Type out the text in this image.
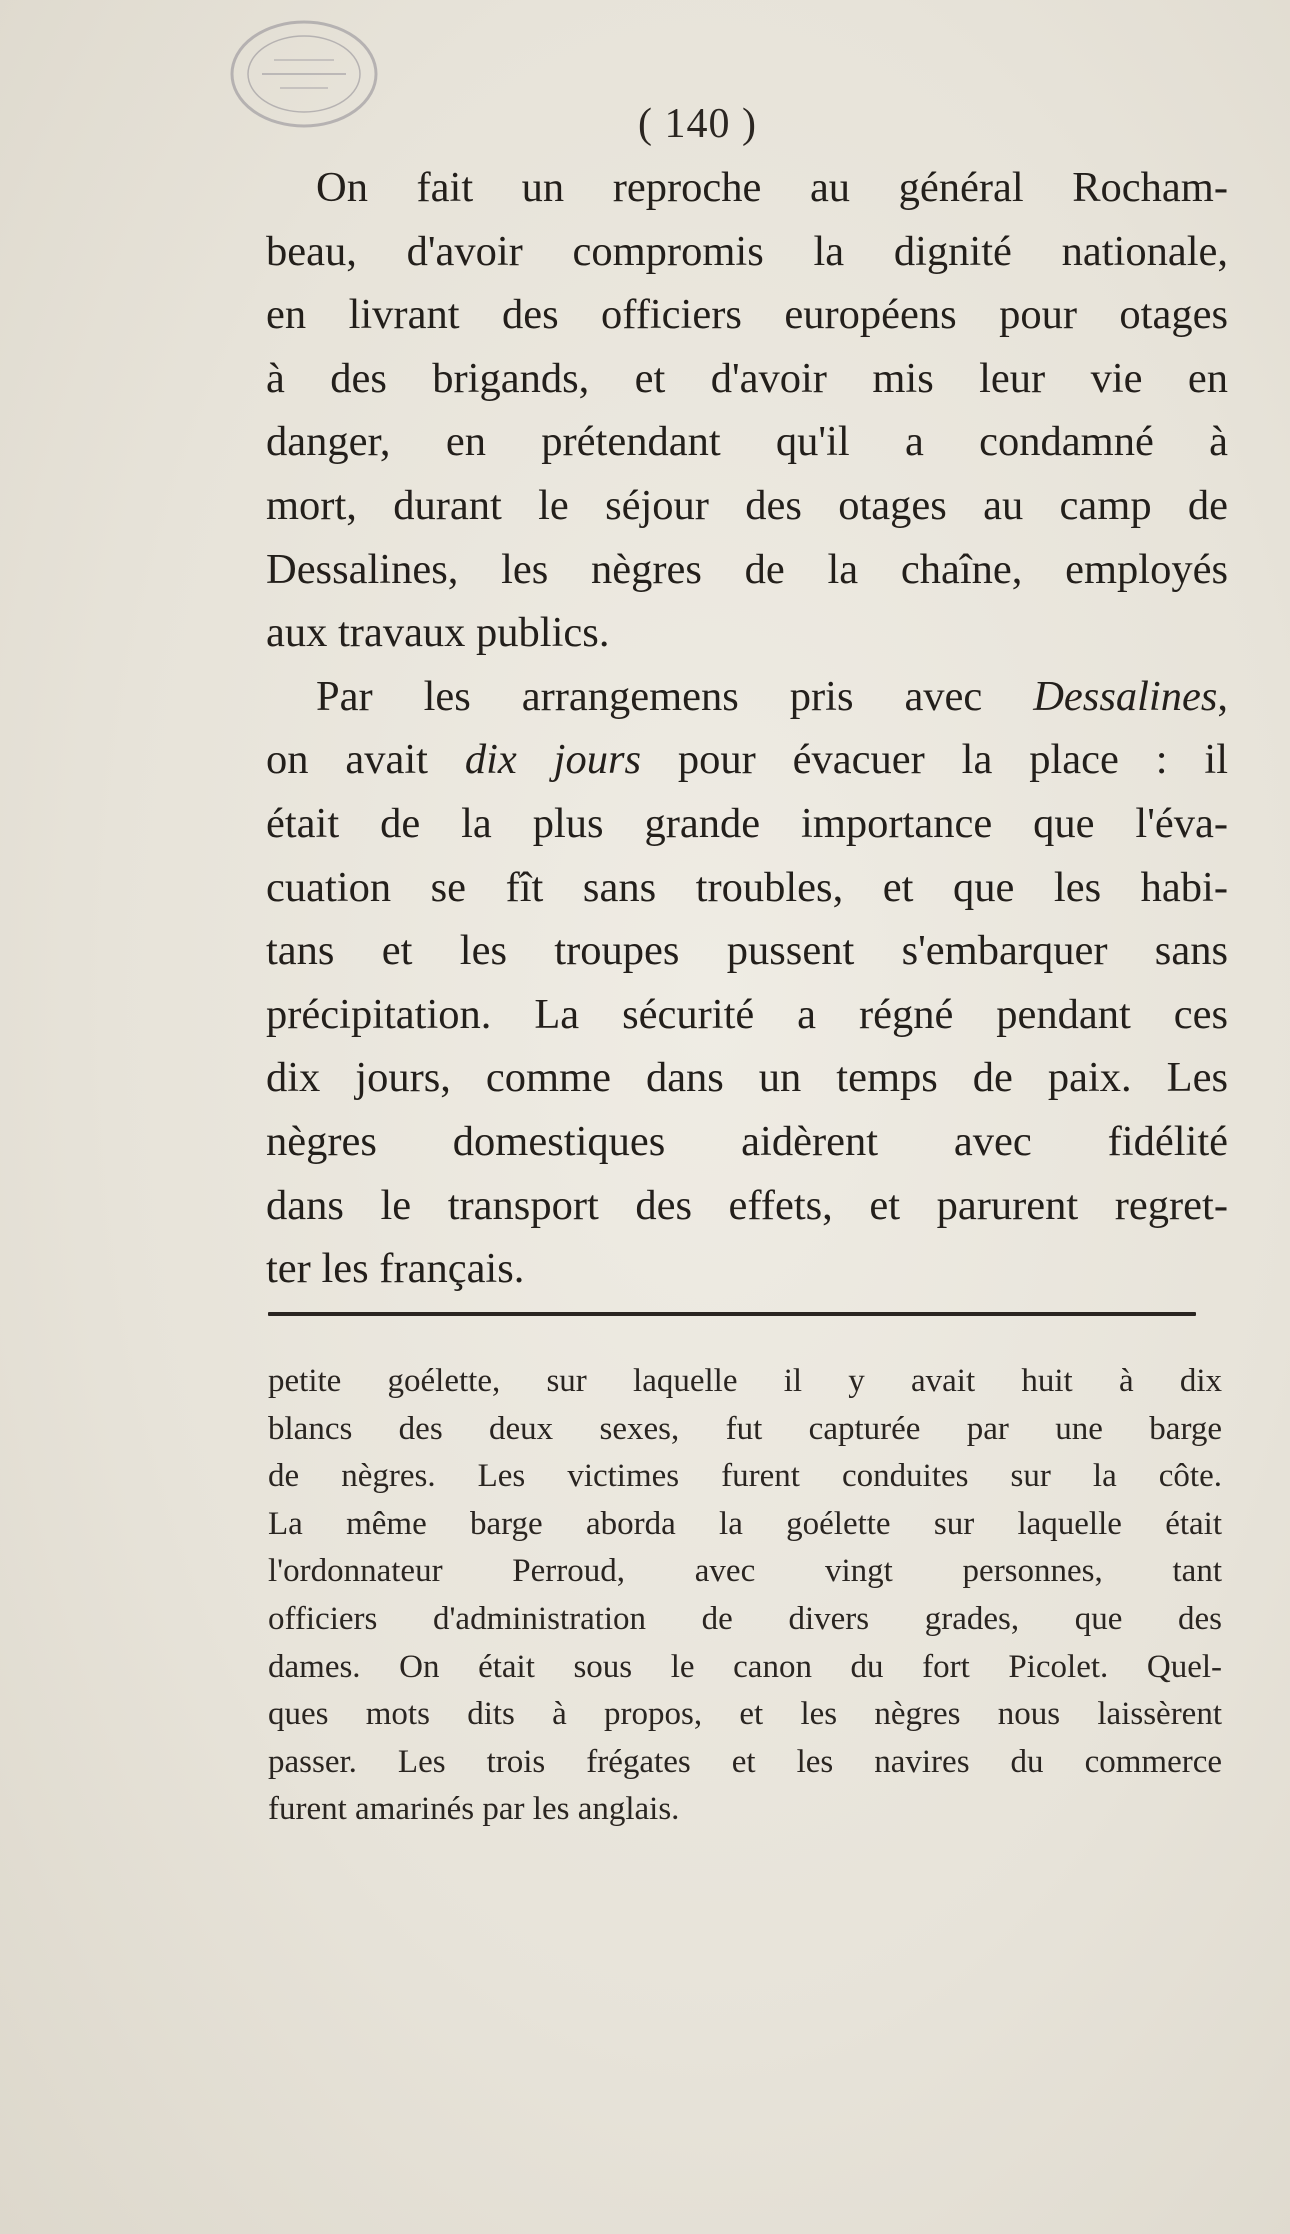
( 140 )
On fait un reproche au général Rocham-
beau, d'avoir compromis la dignité nationale,
en livrant des officiers européens pour otages
à des brigands, et d'avoir mis leur vie en
danger, en prétendant qu'il a condamné à
mort, durant le séjour des otages au camp de
Dessalines, les nègres de la chaîne, employés
aux travaux publics.
Par les arrangemens pris avec Dessalines,
on avait dix jours pour évacuer la place : il
était de la plus grande importance que l'éva-
cuation se fît sans troubles, et que les habi-
tans et les troupes pussent s'embarquer sans
précipitation. La sécurité a régné pendant ces
dix jours, comme dans un temps de paix. Les
nègres domestiques aidèrent avec fidélité
dans le transport des effets, et parurent regret-
ter les français.
petite goélette, sur laquelle il y avait huit à dix
blancs des deux sexes, fut capturée par une barge
de nègres. Les victimes furent conduites sur la côte.
La même barge aborda la goélette sur laquelle était
l'ordonnateur Perroud, avec vingt personnes, tant
officiers d'administration de divers grades, que des
dames. On était sous le canon du fort Picolet. Quel-
ques mots dits à propos, et les nègres nous laissèrent
passer. Les trois frégates et les navires du commerce
furent amarinés par les anglais.
